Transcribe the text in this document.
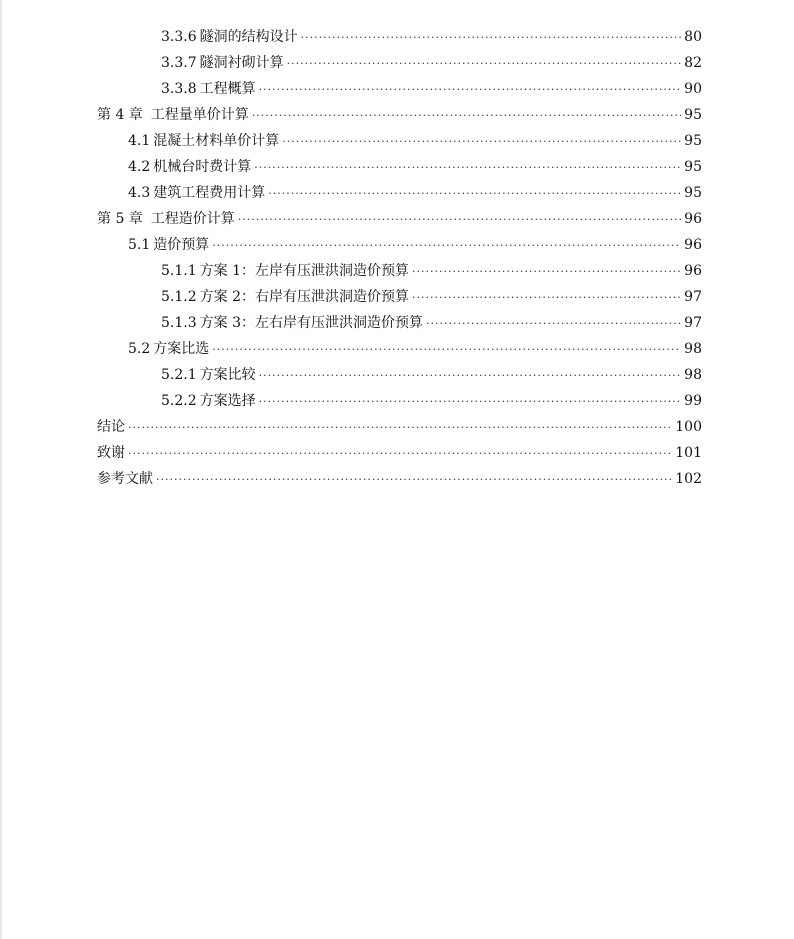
3.3.6 隧洞的结构设计 ·····	80
3.3.7 隧洞衬砌计算 ·····	82
3.3.8 工程概算 ·····	90
第 4 章 工程量单价计算 ·····	95
4.1 混凝土材料单价计算 ·····	95
4.2 机械台时费计算 ·····	95
4.3 建筑工程费用计算 ·····	95
第 5 章 工程造价计算 ·····	96
5.1 造价预算 ·····	96
5.1.1 方案 1：左岸有压泄洪洞造价预算 ·····	96
5.1.2 方案 2：右岸有压泄洪洞造价预算 ·····	97
5.1.3 方案 3：左右岸有压泄洪洞造价预算 ·····	97
5.2 方案比选 ·····	98
5.2.1 方案比较 ·····	98
5.2.2 方案选择 ·····	99
结论 ·····	100
致谢 ·····	101
参考文献 ·····	102
